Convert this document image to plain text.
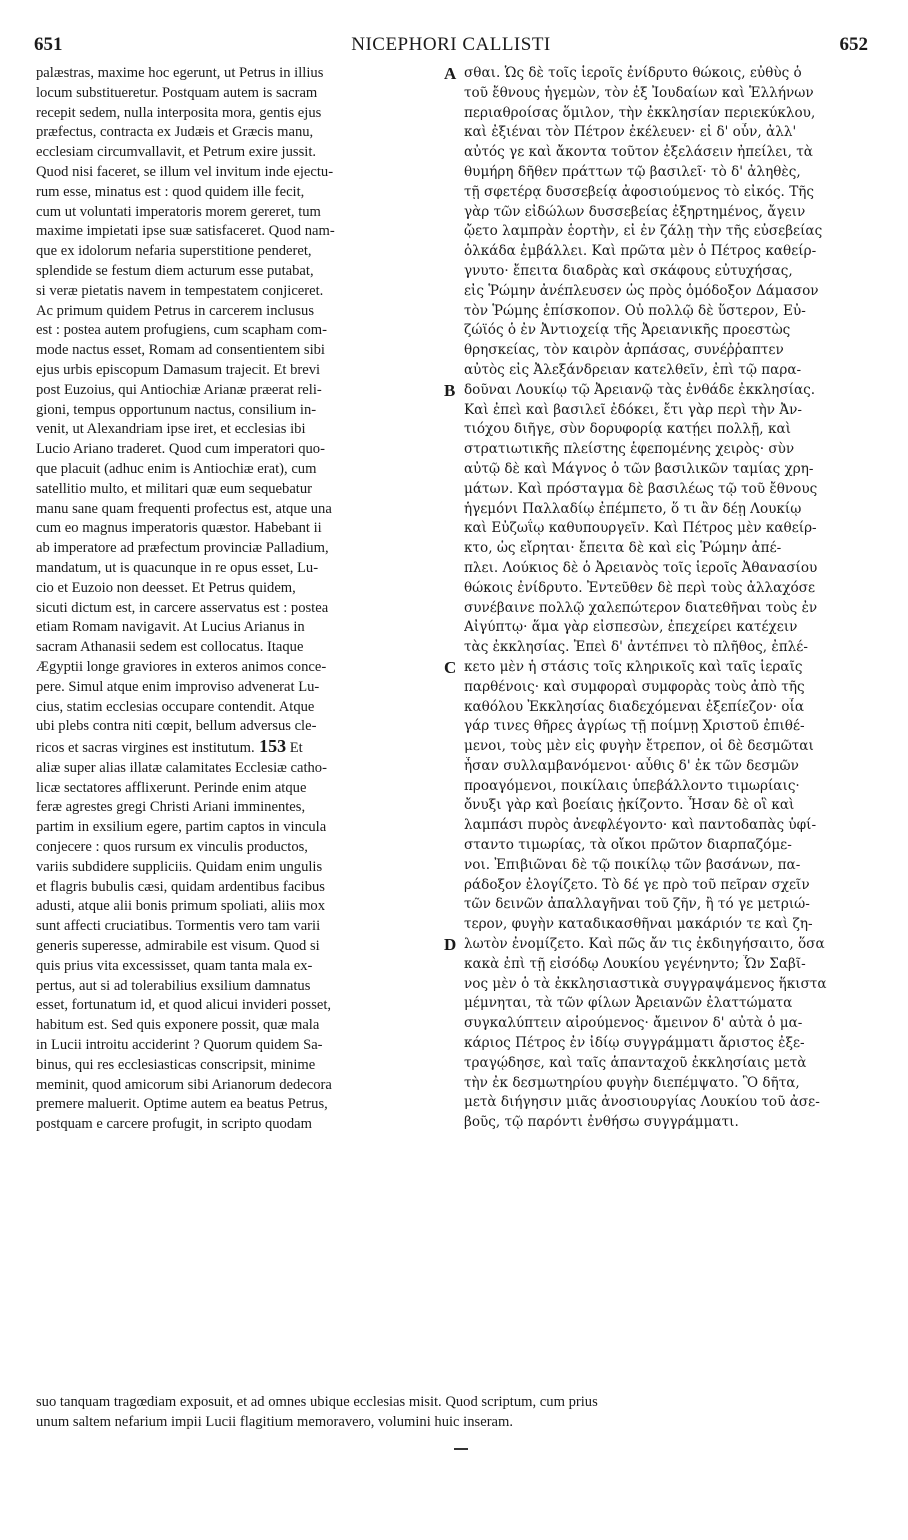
651	NICEPHORI CALLISTI	652
palæstras, maxime hoc egerunt, ut Petrus in illius
locum substitueretur. Postquam autem is sacram
recepit sedem, nulla interposita mora, gentis ejus
præfectus, contracta ex Judæis et Græcis manu,
ecclesiam circumvallavit, et Petrum exire jussit.
Quod nisi faceret, se illum vel invitum inde ejectu-
rum esse, minatus est : quod quidem ille fecit,
cum ut voluntati imperatoris morem gereret, tum
maxime impietati ipse suæ satisfaceret. Quod nam-
que ex idolorum nefaria superstitione penderet,
splendide se festum diem acturum esse putabat,
si veræ pietatis navem in tempestatem conjiceret.
Ac primum quidem Petrus in carcerem inclusus
est : postea autem profugiens, cum scapham com-
mode nactus esset, Romam ad consentientem sibi
ejus urbis episcopum Damasum trajecit. Et brevi
post Euzoius, qui Antiochiæ Arianæ præerat reli-
gioni, tempus opportunum nactus, consilium in-
venit, ut Alexandriam ipse iret, et ecclesias ibi
Lucio Ariano traderet. Quod cum imperatori quo-
que placuit (adhuc enim is Antiochiæ erat), cum
satellitio multo, et militari quæ eum sequebatur
manu sane quam frequenti profectus est, atque una
cum eo magnus imperatoris quæstor. Habebant ii
ab imperatore ad præfectum provinciæ Palladium,
mandatum, ut is quacunque in re opus esset, Lu-
cio et Euzoio non deesset. Et Petrus quidem,
sicuti dictum est, in carcere asservatus est : postea
etiam Romam navigavit. At Lucius Arianus in
sacram Athanasii sedem est collocatus. Itaque
Ægyptii longe graviores in exteros animos conce-
pere. Simul atque enim improviso advenerat Lu-
cius, statim ecclesias occupare contendit. Atque
ubi plebs contra niti cœpit, bellum adversus cle-
ricos et sacras virgines est institutum. 153 Et
aliæ super alias illatæ calamitates Ecclesiæ catho-
licæ sectatores afflixerunt. Perinde enim atque
feræ agrestes gregi Christi Ariani imminentes,
partim in exsilium egere, partim captos in vincula
conjecere : quos rursum ex vinculis productos,
variis subdidere suppliciis. Quidam enim ungulis
et flagris bubulis cæsi, quidam ardentibus facibus
adusti, atque alii bonis primum spoliati, aliis mox
sunt affecti cruciatibus. Tormentis vero tam varii
generis superesse, admirabile est visum. Quod si
quis prius vita excessisset, quam tanta mala ex-
pertus, aut si ad tolerabilius exsilium damnatus
esset, fortunatum id, et quod alicui invideri posset,
habitum est. Sed quis exponere possit, quæ mala
in Lucii introitu acciderint ? Quorum quidem Sa-
binus, qui res ecclesiasticas conscripsit, minime
meminit, quod amicorum sibi Arianorum dedecora
premere maluerit. Optime autem ea beatus Petrus,
postquam e carcere profugit, in scripto quodam
A
B
C
D
σθαι. Ὡς δὲ τοῖς ἱεροῖς ἐνίδρυτο θώκοις, εὐθὺς ὁ
τοῦ ἔθνους ἡγεμὼν, τὸν ἐξ Ἰουδαίων καὶ Ἑλλήνων
περιαθροίσας ὅμιλον, τὴν ἐκκλησίαν περιεκύκλου,
καὶ ἐξιέναι τὸν Πέτρον ἐκέλευεν· εἰ δ' οὖν, ἀλλ'
αὐτός γε καὶ ἄκοντα τοῦτον ἐξελάσειν ἠπείλει, τὰ
θυμήρη δῆθεν πράττων τῷ βασιλεῖ· τὸ δ' ἀληθὲς,
τῇ σφετέρᾳ δυσσεβείᾳ ἀφοσιούμενος τὸ εἰκός. Τῆς
γὰρ τῶν εἰδώλων δυσσεβείας ἐξηρτημένος, ἄγειν
ᾤετο λαμπρὰν ἑορτὴν, εἰ ἐν ζάλῃ τὴν τῆς εὐσεβείας
ὁλκάδα ἐμβάλλει. Καὶ πρῶτα μὲν ὁ Πέτρος καθείρ-
γνυτο· ἔπειτα διαδρὰς καὶ σκάφους εὐτυχήσας,
εἰς Ῥώμην ἀνέπλευσεν ὡς πρὸς ὁμόδοξον Δάμασον
τὸν Ῥώμης ἐπίσκοπον. Οὐ πολλῷ δὲ ὕστερον, Εὐ-
ζώϊός ὁ ἐν Ἀντιοχείᾳ τῆς Ἀρειανικῆς προεστὼς
θρησκείας, τὸν καιρὸν ἁρπάσας, συνέῤῥαπτεν
αὐτὸς εἰς Ἀλεξάνδρειαν κατελθεῖν, ἐπὶ τῷ παρα-
δοῦναι Λουκίῳ τῷ Ἀρειανῷ τὰς ἐνθάδε ἐκκλησίας.
Καὶ ἐπεὶ καὶ βασιλεῖ ἐδόκει, ἔτι γὰρ περὶ τὴν Ἀν-
τιόχου διῆγε, σὺν δορυφορίᾳ κατῄει πολλῇ, καὶ
στρατιωτικῆς πλείστης ἑφεπομένης χειρὸς· σὺν
αὐτῷ δὲ καὶ Μάγνος ὁ τῶν βασιλικῶν ταμίας χρη-
μάτων. Καὶ πρόσταγμα δὲ βασιλέως τῷ τοῦ ἔθνους
ἡγεμόνι Παλλαδίῳ ἐπέμπετο, ὅ τι ἂν δέῃ Λουκίῳ
καὶ Εὐζωΐῳ καθυπουργεῖν. Καὶ Πέτρος μὲν καθείρ-
κτο, ὡς εἴρηται· ἔπειτα δὲ καὶ εἰς Ῥώμην ἀπέ-
πλει. Λούκιος δὲ ὁ Ἀρειανὸς τοῖς ἱεροῖς Ἀθανασίου
θώκοις ἐνίδρυτο. Ἐντεῦθεν δὲ περὶ τοὺς ἀλλαχόσε
συνέβαινε πολλῷ χαλεπώτερον διατεθῆναι τοὺς ἐν
Αἰγύπτῳ· ἅμα γὰρ εἰσπεσὼν, ἐπεχείρει κατέχειν
τὰς ἐκκλησίας. Ἐπεὶ δ' ἀντέπνει τὸ πλῆθος, ἐπλέ-
κετο μὲν ἡ στάσις τοῖς κληρικοῖς καὶ ταῖς ἱεραῖς
παρθένοις· καὶ συμφοραὶ συμφορὰς τοὺς ἀπὸ τῆς
καθόλου Ἐκκλησίας διαδεχόμεναι ἐξεπίεζον· οἷα
γάρ τινες θῆρες ἀγρίως τῇ ποίμνῃ Χριστοῦ ἐπιθέ-
μενοι, τοὺς μὲν εἰς φυγὴν ἔτρεπον, οἱ δὲ δεσμῶται
ἦσαν συλλαμβανόμενοι· αὖθις δ' ἐκ τῶν δεσμῶν
προαγόμενοι, ποικίλαις ὑπεβάλλοντο τιμωρίαις·
ὄνυξι γὰρ καὶ βοείαις ᾐκίζοντο. Ἦσαν δὲ οἳ καὶ
λαμπάσι πυρὸς ἀνεφλέγοντο· καὶ παντοδαπὰς ὑφί-
σταντο τιμωρίας, τὰ οἴκοι πρῶτον διαρπαζόμε-
νοι. Ἐπιβιῶναι δὲ τῷ ποικίλῳ τῶν βασάνων, πα-
ράδοξον ἐλογίζετο. Τὸ δέ γε πρὸ τοῦ πεῖραν σχεῖν
τῶν δεινῶν ἀπαλλαγῆναι τοῦ ζῆν, ἢ τό γε μετριώ-
τερον, φυγὴν καταδικασθῆναι μακάριόν τε καὶ ζη-
λωτὸν ἐνομίζετο. Καὶ πῶς ἄν τις ἐκδιηγήσαιτο, ὅσα
κακὰ ἐπὶ τῇ εἰσόδῳ Λουκίου γεγένηντο; Ὧν Σαβῖ-
νος μὲν ὁ τὰ ἐκκλησιαστικὰ συγγραψάμενος ἥκιστα
μέμνηται, τὰ τῶν φίλων Ἀρειανῶν ἐλαττώματα
συγκαλύπτειν αἱρούμενος· ἄμεινον δ' αὐτὰ ὁ μα-
κάριος Πέτρος ἐν ἰδίῳ συγγράμματι ἄριστος ἐξε-
τραγῴδησε, καὶ ταῖς ἁπανταχοῦ ἐκκλησίαις μετὰ
τὴν ἐκ δεσμωτηρίου φυγὴν διεπέμψατο. Ὃ δῆτα,
μετὰ διήγησιν μιᾶς ἀνοσιουργίας Λουκίου τοῦ ἀσε-
βοῦς, τῷ παρόντι ἐνθήσω συγγράμματι.
suo tanquam tragœdiam exposuit, et ad omnes ubique ecclesias misit. Quod scriptum, cum prius
unum saltem nefarium impii Lucii flagitium memoravero, volumini huic inseram.
